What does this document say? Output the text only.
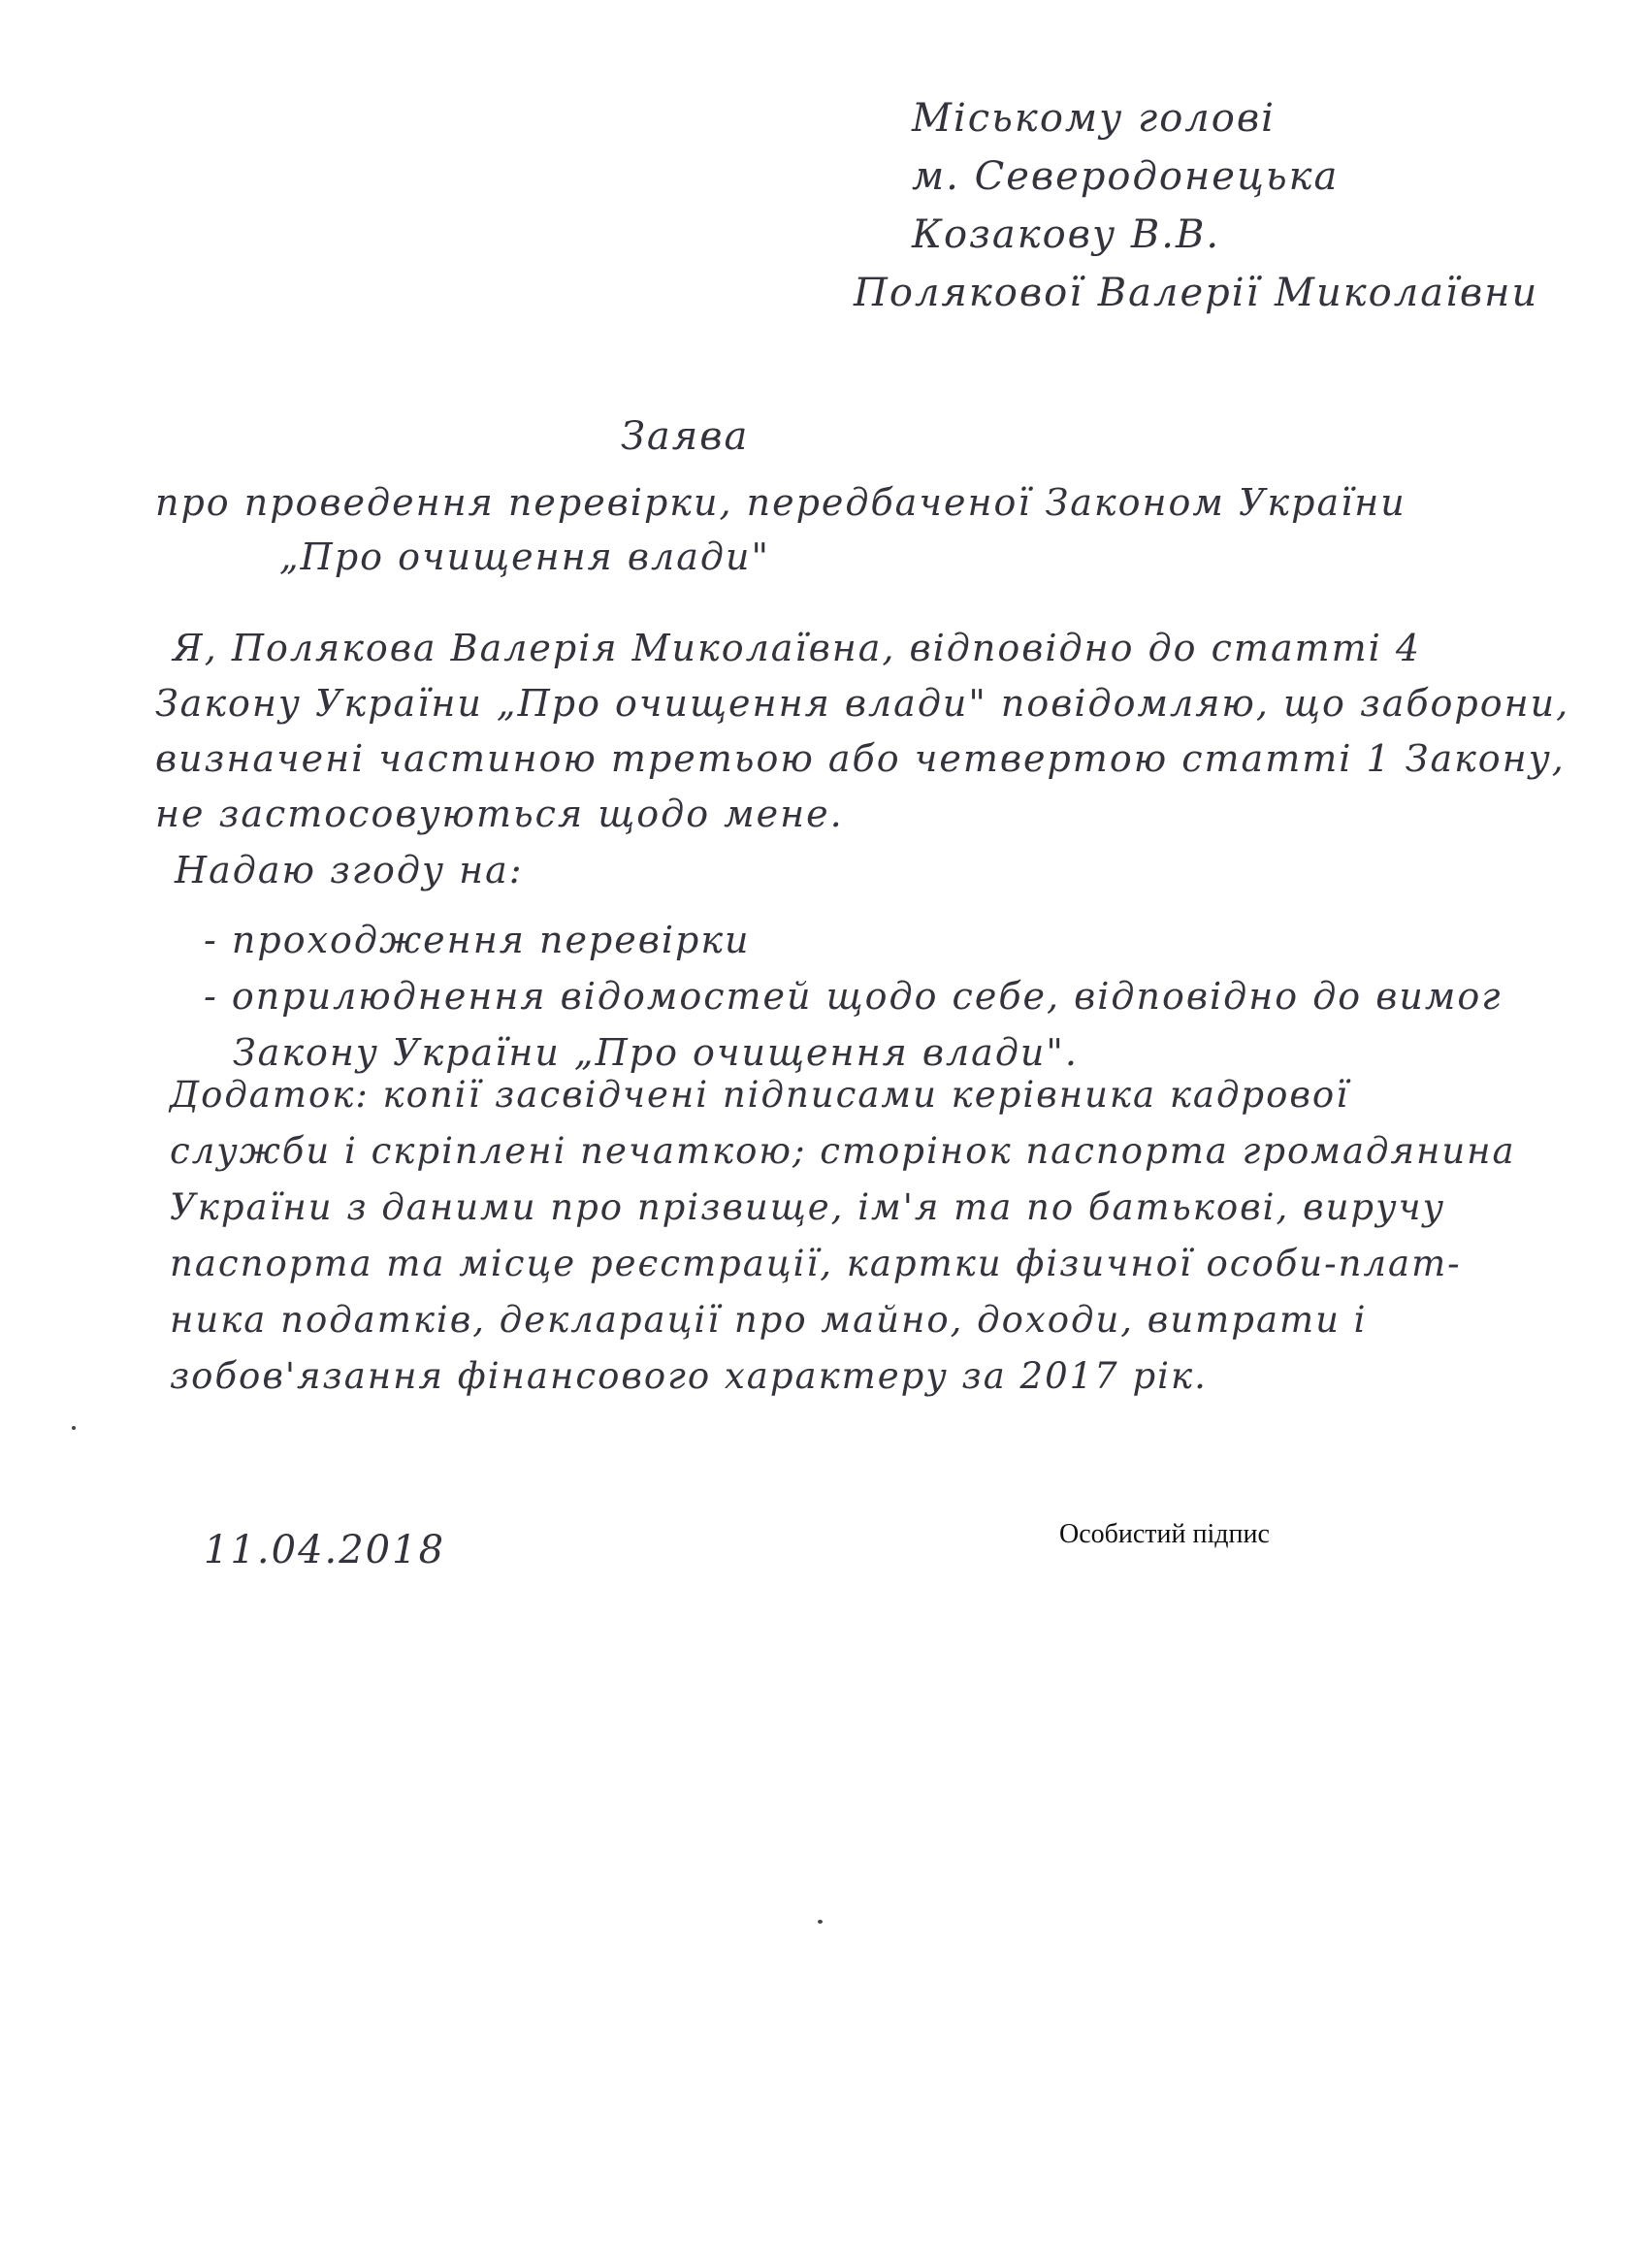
Міському голові
м. Северодонецька
Козакову В.В.
Полякової Валерії Миколаївни
Заява
про проведення перевірки, передбаченої Законом України
„Про очищення влади"
Я, Полякова Валерія Миколаївна, відповідно до статті 4
Закону України „Про очищення влади" повідомляю, що заборони,
визначені частиною третьою або четвертою статті 1 Закону,
не застосовуються щодо мене.
Надаю згоду на:
- проходження перевірки
- оприлюднення відомостей щодо себе, відповідно до вимог
Закону України „Про очищення влади".
Додаток: копії засвідчені підписами керівника кадрової
служби і скріплені печаткою; сторінок паспорта громадянина
України з даними про прізвище, ім'я та по батькові, виручу
паспорта та місце реєстрації, картки фізичної особи-плат-
ника податків, декларації про майно, доходи, витрати і
зобов'язання фінансового характеру за 2017 рік.
11.04.2018	Особистий підпис
